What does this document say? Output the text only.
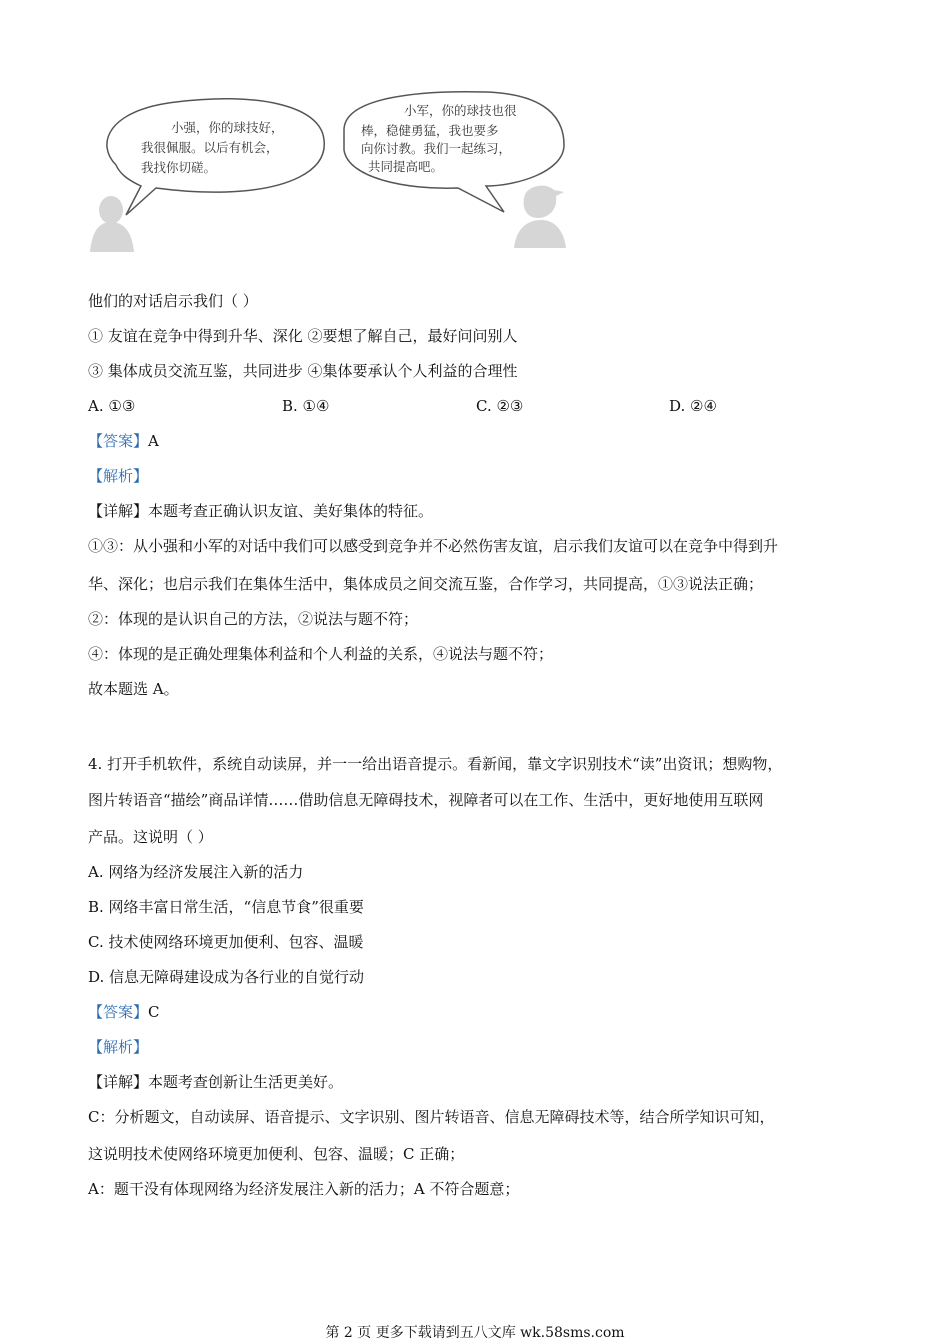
小强，你的球技好，
我很佩服。以后有机会，
我找你切磋。
小军，你的球技也很
棒，稳健勇猛，我也要多
向你讨教。我们一起练习，
共同提高吧。
他们的对话启示我们（ ）
① 友谊在竞争中得到升华、深化 ②要想了解自己，最好问问别人
③ 集体成员交流互鉴，共同进步 ④集体要承认个人利益的合理性
A. ①③	B. ①④	C. ②③	D. ②④
【答案】A
【解析】
【详解】本题考查正确认识友谊、美好集体的特征。
①③：从小强和小军的对话中我们可以感受到竞争并不必然伤害友谊，启示我们友谊可以在竞争中得到升
华、深化；也启示我们在集体生活中，集体成员之间交流互鉴，合作学习，共同提高，①③说法正确；
②：体现的是认识自己的方法，②说法与题不符；
④：体现的是正确处理集体利益和个人利益的关系，④说法与题不符；
故本题选 A。
4. 打开手机软件，系统自动读屏，并一一给出语音提示。看新闻，靠文字识别技术“读”出资讯；想购物，
图片转语音“描绘”商品详情……借助信息无障碍技术，视障者可以在工作、生活中，更好地使用互联网
产品。这说明（ ）
A. 网络为经济发展注入新的活力
B. 网络丰富日常生活，“信息节食”很重要
C. 技术使网络环境更加便利、包容、温暖
D. 信息无障碍建设成为各行业的自觉行动
【答案】C
【解析】
【详解】本题考查创新让生活更美好。
C：分析题文，自动读屏、语音提示、文字识别、图片转语音、信息无障碍技术等，结合所学知识可知，
这说明技术使网络环境更加便利、包容、温暖；C 正确；
A：题干没有体现网络为经济发展注入新的活力；A 不符合题意；
第 2 页 更多下载请到五八文库 wk.58sms.com
